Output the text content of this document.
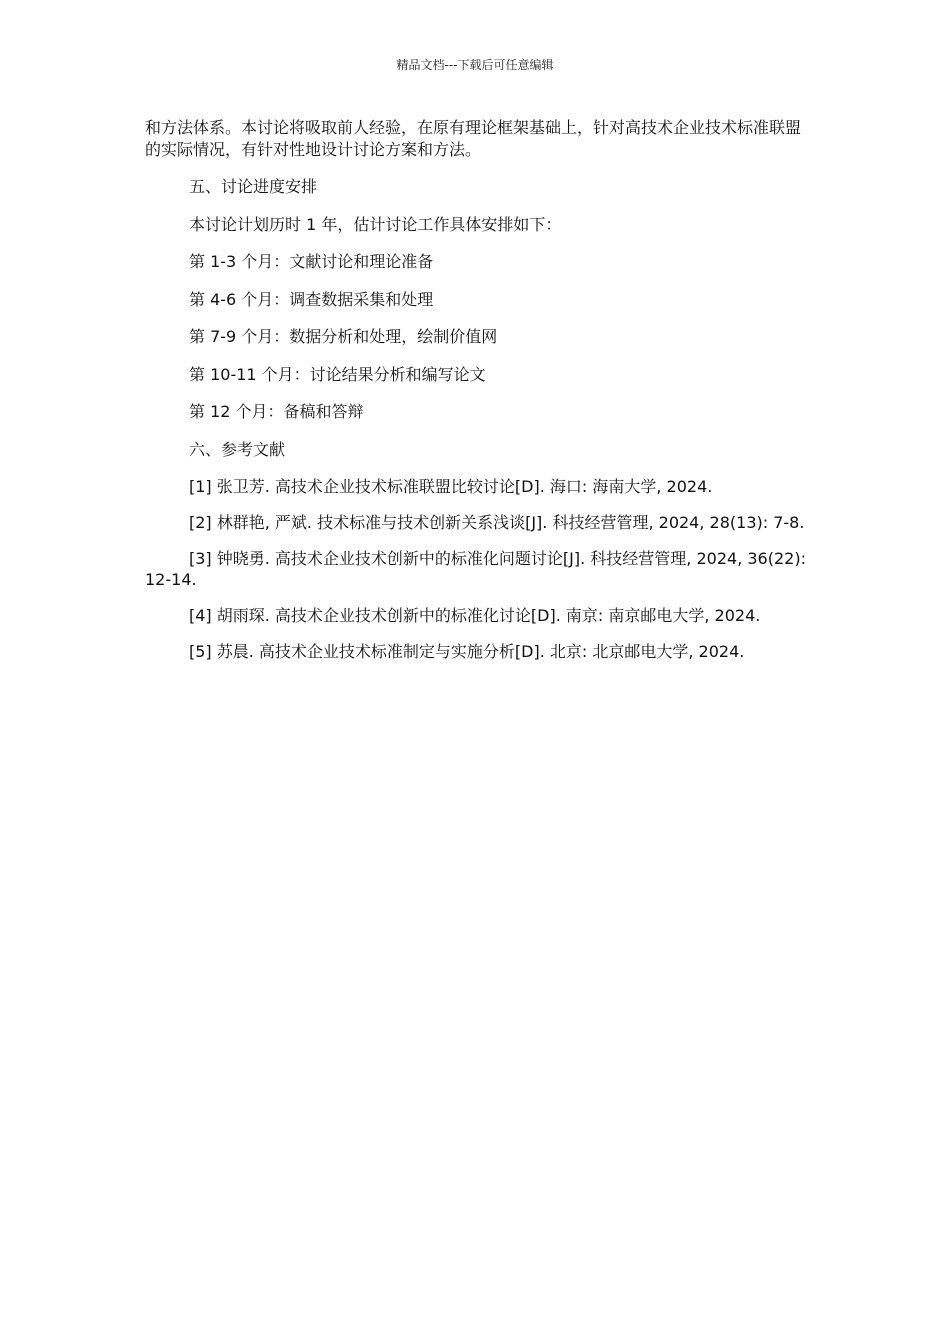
精品文档---下载后可任意编辑

和方法体系。本讨论将吸取前人经验，在原有理论框架基础上，针对高技术企业技术标准联盟的实际情况，有针对性地设计讨论方案和方法。

五、讨论进度安排

本讨论计划历时 1 年，估计讨论工作具体安排如下：

第 1-3 个月：文献讨论和理论准备

第 4-6 个月：调查数据采集和处理

第 7-9 个月：数据分析和处理，绘制价值网

第 10-11 个月：讨论结果分析和编写论文

第 12 个月：备稿和答辩

六、参考文献

[1] 张卫芳. 高技术企业技术标准联盟比较讨论[D]. 海口: 海南大学, 2024.

[2] 林群艳, 严斌. 技术标准与技术创新关系浅谈[J]. 科技经营管理, 2024, 28(13): 7-8.

[3] 钟晓勇. 高技术企业技术创新中的标准化问题讨论[J]. 科技经营管理, 2024, 36(22): 12-14.

[4] 胡雨琛. 高技术企业技术创新中的标准化讨论[D]. 南京: 南京邮电大学, 2024.

[5] 苏晨. 高技术企业技术标准制定与实施分析[D]. 北京: 北京邮电大学, 2024.
